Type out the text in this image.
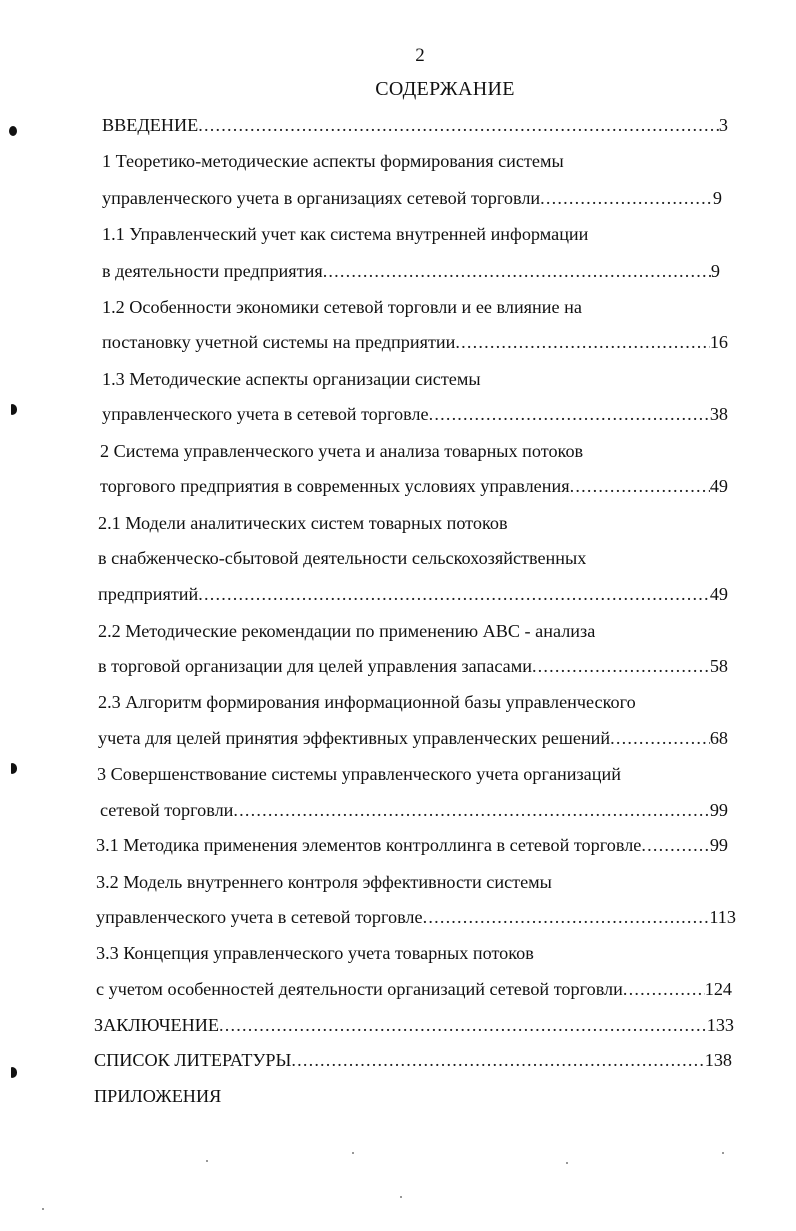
2
СОДЕРЖАНИЕ
ВВЕДЕНИЕ .....	3
1 Теоретико-методические аспекты формирования системы
управленческого учета в организациях сетевой торговли .....	9
1.1 Управленческий учет как система внутренней информации
в деятельности предприятия .....	9
1.2 Особенности экономики сетевой торговли и ее влияние на
постановку учетной системы на предприятии .....	16
1.3 Методические аспекты организации системы
управленческого учета в сетевой торговле .....	38
2 Система управленческого учета и анализа товарных потоков
торгового предприятия в современных условиях управления .....	49
2.1 Модели аналитических систем товарных потоков
в снабженческо-сбытовой деятельности сельскохозяйственных
предприятий .....	49
2.2 Методические рекомендации по применению ABC - анализа
в торговой организации для целей управления запасами .....	58
2.3 Алгоритм формирования информационной базы управленческого
учета для целей принятия эффективных управленческих решений .....	68
3 Совершенствование системы управленческого учета организаций
сетевой торговли .....	99
3.1 Методика применения элементов контроллинга в сетевой торговле .....	99
3.2 Модель внутреннего контроля эффективности системы
управленческого учета в сетевой торговле .....	113
3.3 Концепция управленческого учета товарных потоков
с учетом особенностей деятельности организаций сетевой торговли .....	124
ЗАКЛЮЧЕНИЕ .....	133
СПИСОК ЛИТЕРАТУРЫ .....	138
ПРИЛОЖЕНИЯ
